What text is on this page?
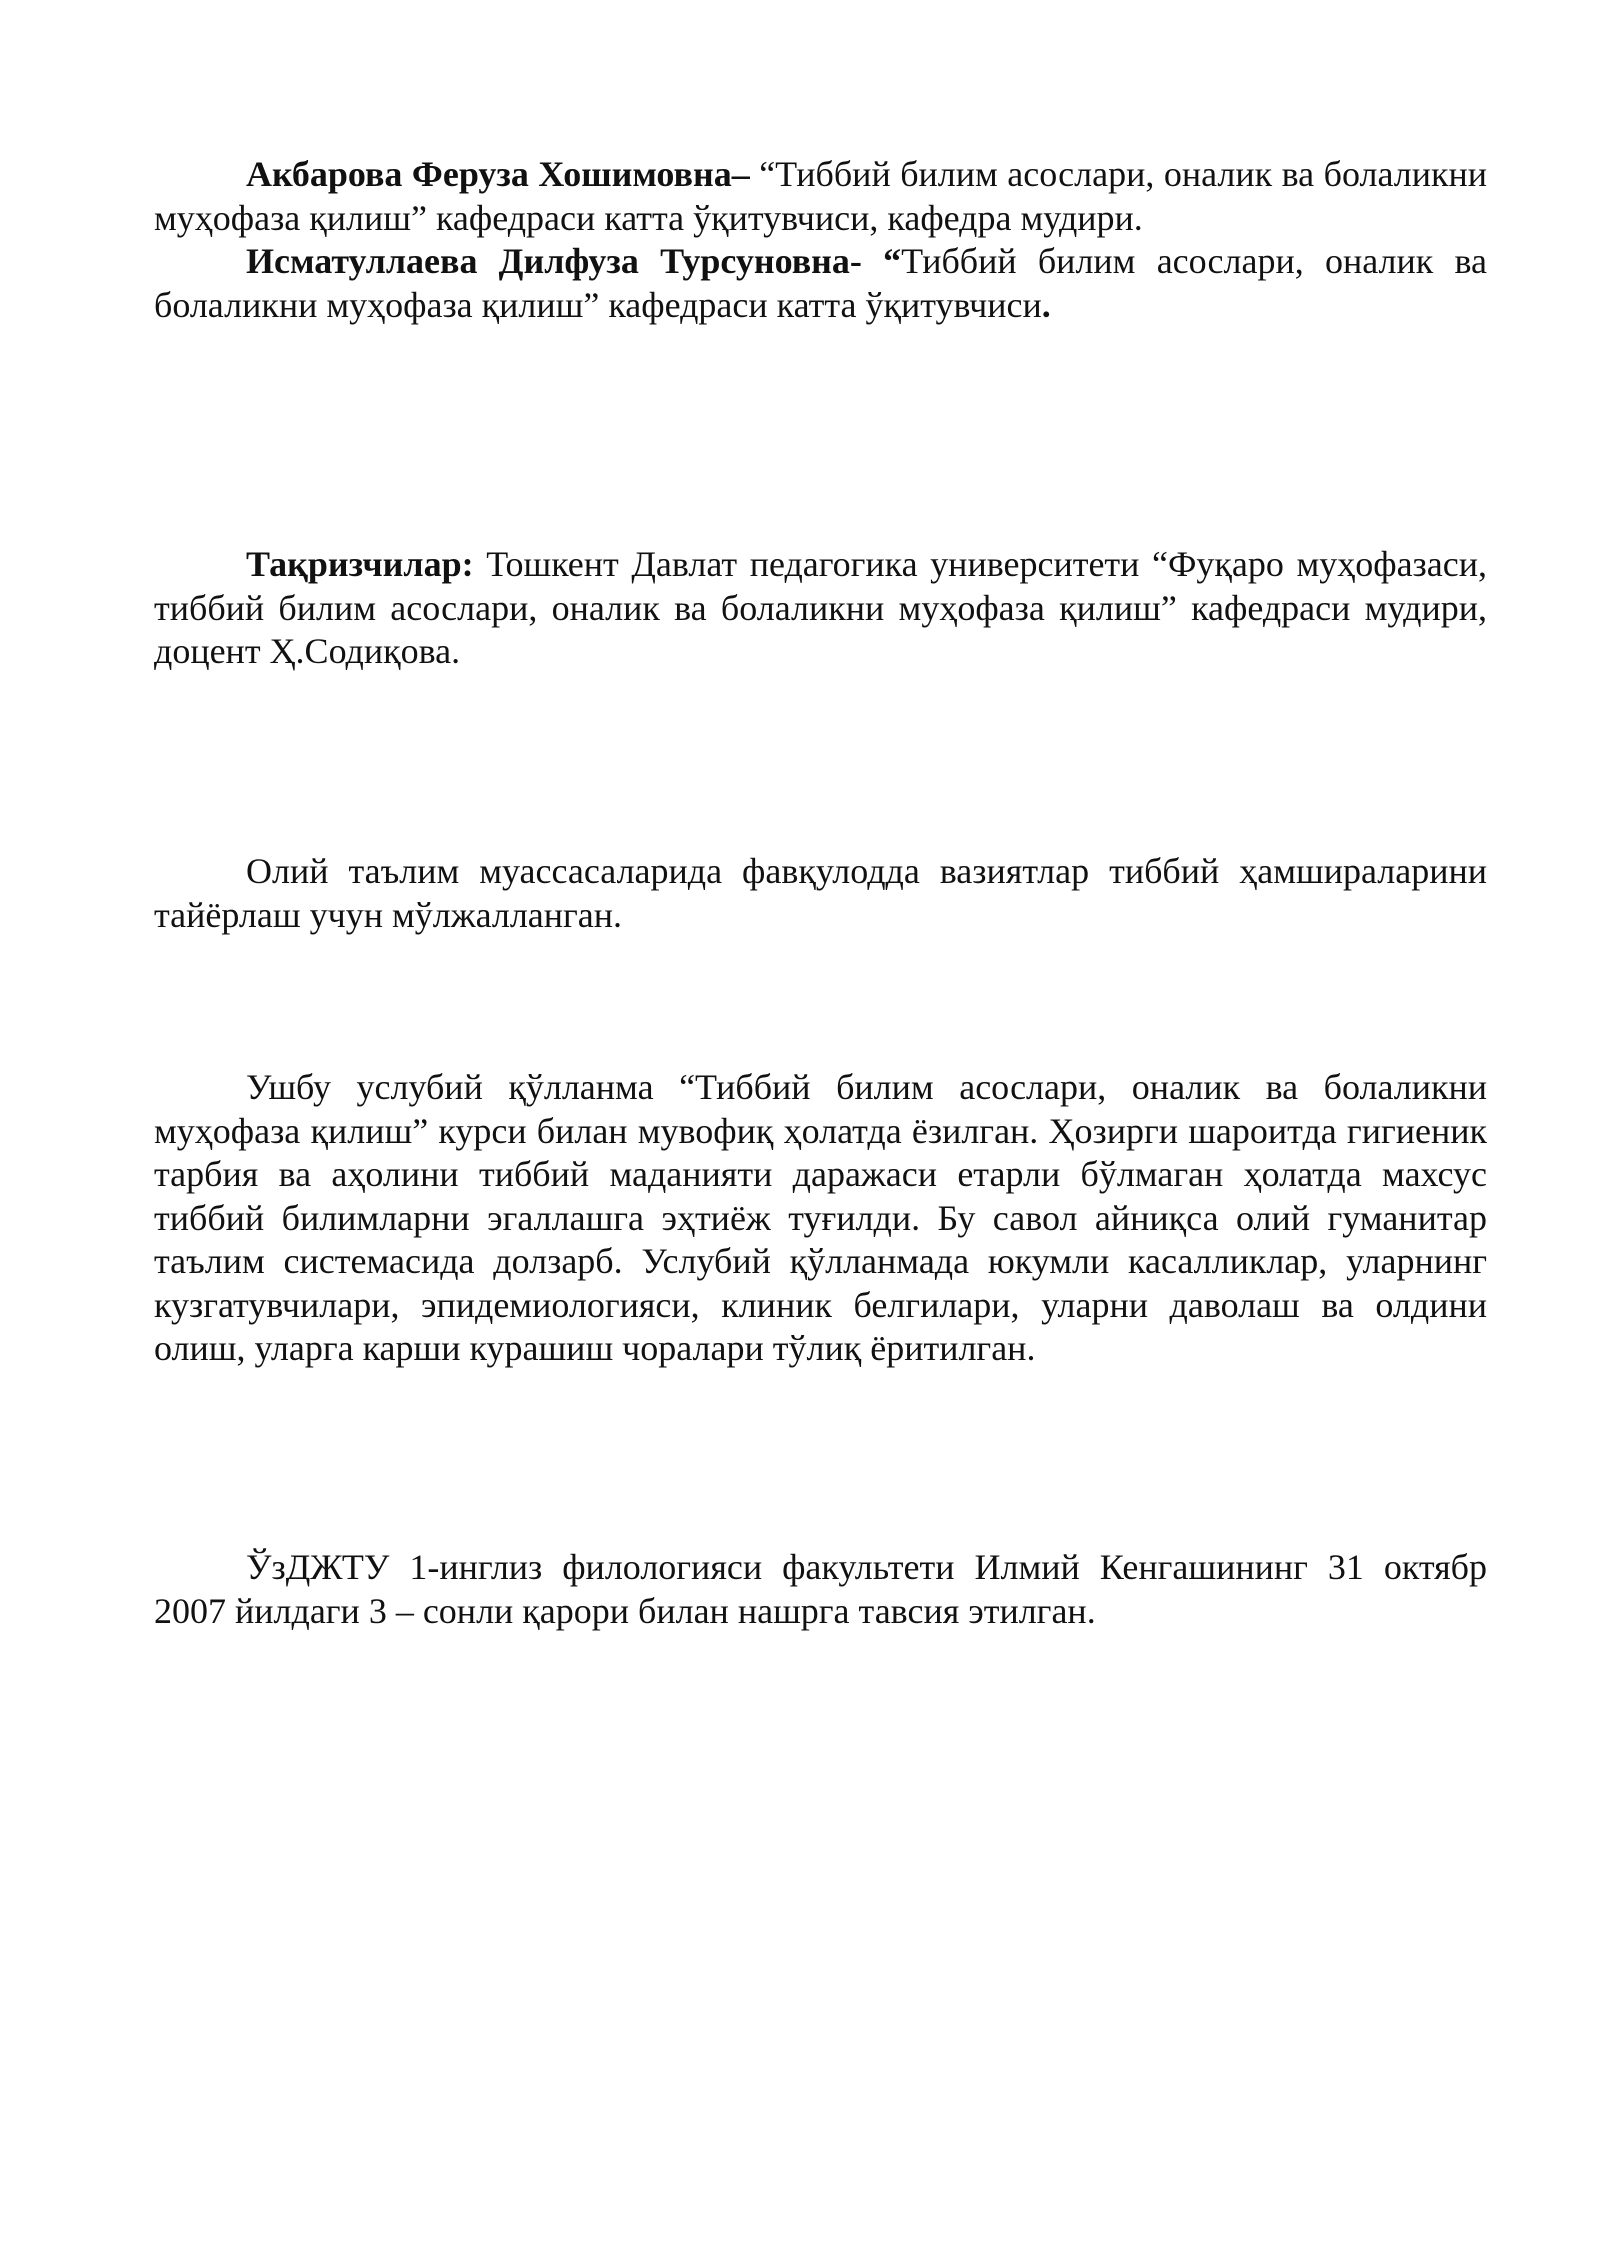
Акбарова Феруза Хошимовна– “Тиббий билим асослари, оналик ва болаликни муҳофаза қилиш” кафедраси катта ўқитувчиси, кафедра мудири.

Исматуллаева Дилфуза Турсуновна- “Тиббий билим асослари, оналик ва болаликни муҳофаза қилиш” кафедраси катта ўқитувчиси.

Тақризчилар: Тошкент Давлат педагогика университети “Фуқаро муҳофазаси, тиббий билим асослари, оналик ва болаликни муҳофаза қилиш” кафедраси мудири, доцент Ҳ.Содиқова.

Олий таълим муассасаларида фавқулодда вазиятлар тиббий ҳамшираларини тайёрлаш учун мўлжалланган.

Ушбу услубий қўлланма “Тиббий билим асослари, оналик ва болаликни муҳофаза қилиш” курси билан мувофиқ ҳолатда ёзилган. Ҳозирги шароитда гигиеник тарбия ва аҳолини тиббий маданияти даражаси етарли бўлмаган ҳолатда махсус тиббий билимларни эгаллашга эҳтиёж туғилди. Бу савол айниқса олий гуманитар таълим системасида долзарб. Услубий қўлланмада юкумли касалликлар, уларнинг кузгатувчилари, эпидемиологияси, клиник белгилари, уларни даволаш ва олдини олиш, уларга карши курашиш чоралари тўлиқ ёритилган.

ЎзДЖТУ 1-инглиз филологияси факультети Илмий Кенгашининг 31 октябр 2007 йилдаги 3 – сонли қарори билан нашрга тавсия этилган.
